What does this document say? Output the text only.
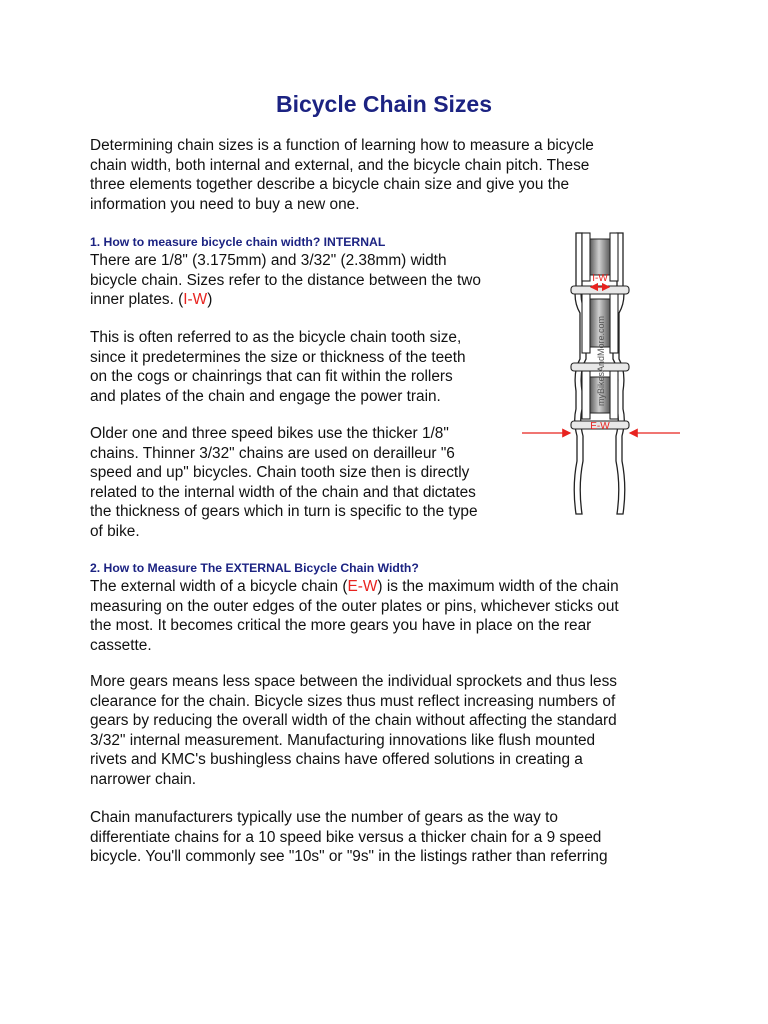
Bicycle Chain Sizes

Determining chain sizes is a function of learning how to measure a bicycle
chain width, both internal and external, and the bicycle chain pitch. These
three elements together describe a bicycle chain size and give you the
information you need to buy a new one.

1. How to measure bicycle chain width? INTERNAL

There are 1/8" (3.175mm) and 3/32" (2.38mm) width
bicycle chain. Sizes refer to the distance between the two
inner plates. (I-W)

This is often referred to as the bicycle chain tooth size,
since it predetermines the size or thickness of the teeth
on the cogs or chainrings that can fit within the rollers
and plates of the chain and engage the power train.

Older one and three speed bikes use the thicker 1/8"
chains. Thinner 3/32" chains are used on derailleur "6
speed and up" bicycles. Chain tooth size then is directly
related to the internal width of the chain and that dictates
the thickness of gears which in turn is specific to the type
of bike.

2. How to Measure The EXTERNAL Bicycle Chain Width?

The external width of a bicycle chain (E-W) is the maximum width of the chain
measuring on the outer edges of the outer plates or pins, whichever sticks out
the most. It becomes critical the more gears you have in place on the rear
cassette.

More gears means less space between the individual sprockets and thus less
clearance for the chain. Bicycle sizes thus must reflect increasing numbers of
gears by reducing the overall width of the chain without affecting the standard
3/32" internal measurement. Manufacturing innovations like flush mounted
rivets and KMC's bushingless chains have offered solutions in creating a
narrower chain.

Chain manufacturers typically use the number of gears as the way to
differentiate chains for a 10 speed bike versus a thicker chain for a 9 speed
bicycle. You'll commonly see "10s" or "9s" in the listings rather than referring

myBikesAndMore.com
I-W
E-W
